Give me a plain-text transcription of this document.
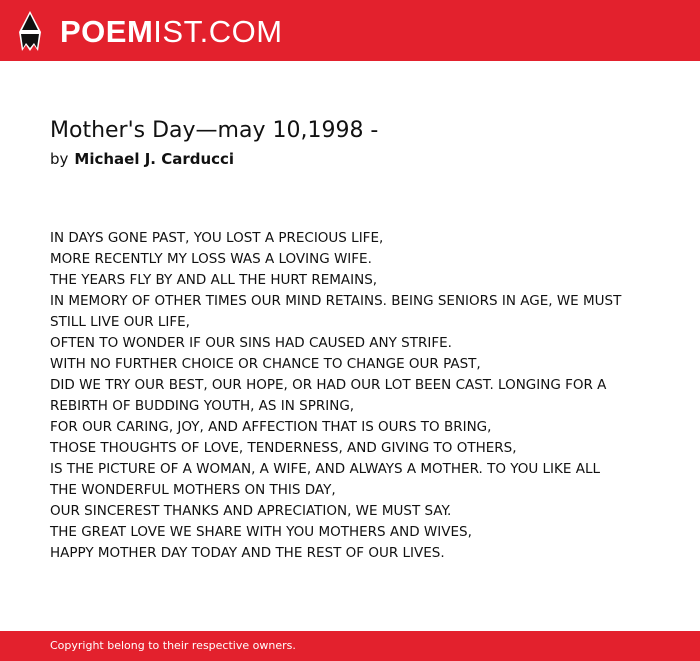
POEMIST.COM
Mother's Day—may 10,1998 -
by Michael J. Carducci
IN DAYS GONE PAST, YOU LOST A PRECIOUS LIFE,
MORE RECENTLY MY LOSS WAS A LOVING WIFE.
THE YEARS FLY BY AND ALL THE HURT REMAINS,
IN MEMORY OF OTHER TIMES OUR MIND RETAINS. BEING SENIORS IN AGE, WE MUST
STILL LIVE OUR LIFE,
OFTEN TO WONDER IF OUR SINS HAD CAUSED ANY STRIFE.
WITH NO FURTHER CHOICE OR CHANCE TO CHANGE OUR PAST,
DID WE TRY OUR BEST, OUR HOPE, OR HAD OUR LOT BEEN CAST. LONGING FOR A
REBIRTH OF BUDDING YOUTH, AS IN SPRING,
FOR OUR CARING, JOY, AND AFFECTION THAT IS OURS TO BRING,
THOSE THOUGHTS OF LOVE, TENDERNESS, AND GIVING TO OTHERS,
IS THE PICTURE OF A WOMAN, A WIFE, AND ALWAYS A MOTHER. TO YOU LIKE ALL
THE WONDERFUL MOTHERS ON THIS DAY,
OUR SINCEREST THANKS AND APRECIATION, WE MUST SAY.
THE GREAT LOVE WE SHARE WITH YOU MOTHERS AND WIVES,
HAPPY MOTHER DAY TODAY AND THE REST OF OUR LIVES.
Copyright belong to their respective owners.
